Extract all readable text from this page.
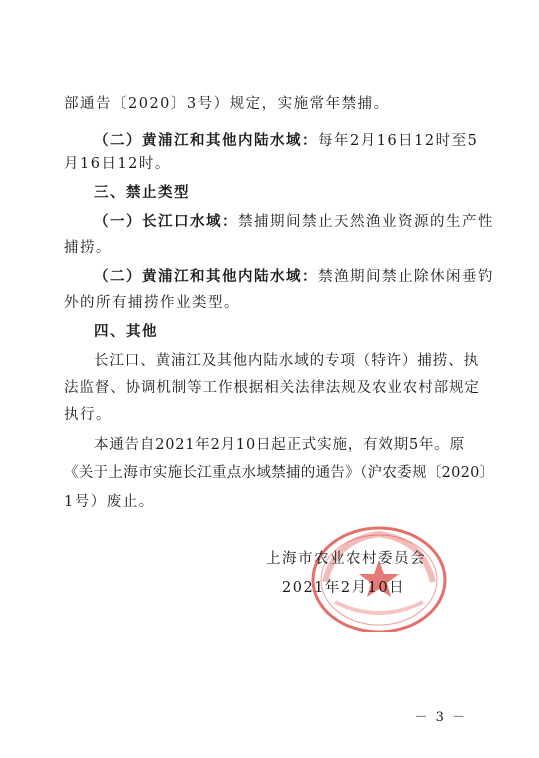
部通告〔2020〕3号）规定，实施常年禁捕。
（二）黄浦江和其他内陆水域：每年2月16日12时至5
月16日12时。
三、禁止类型
（一）长江口水域：禁捕期间禁止天然渔业资源的生产性
捕捞。
（二）黄浦江和其他内陆水域：禁渔期间禁止除休闲垂钓
外的所有捕捞作业类型。
四、其他
长江口、黄浦江及其他内陆水域的专项（特许）捕捞、执
法监督、协调机制等工作根据相关法律法规及农业农村部规定
执行。
本通告自2021年2月10日起正式实施，有效期5年。原
《关于上海市实施长江重点水域禁捕的通告》（沪农委规〔2020〕
1号）废止。
上海市农业农村委员会
2021年2月10日
－ 3 －
